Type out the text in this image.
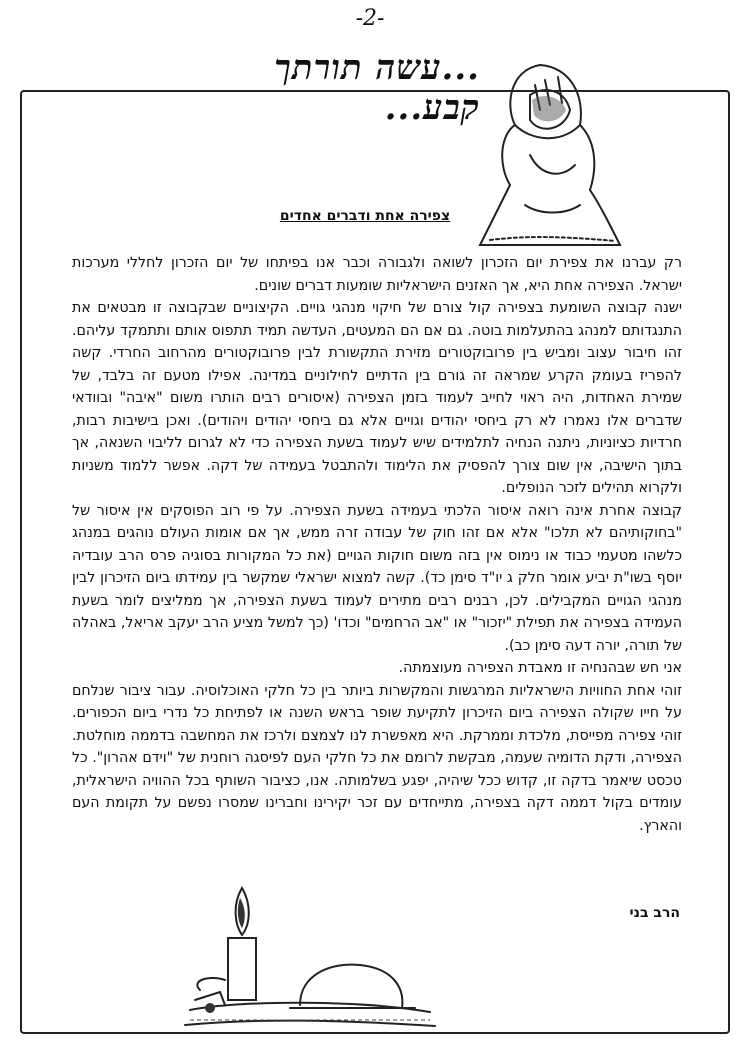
-2-
...עשה תורתך קבע...
צפירה אחת ודברים אחדים

רק עברנו את צפירת יום הזכרון לשואה ולגבורה וכבר אנו בפיתחו של יום הזכרון לחללי מערכות ישראל. הצפירה אחת היא, אך האזנים הישראליות שומעות דברים שונים.

ישנה קבוצה השומעת בצפירה קול צורם של חיקוי מנהגי גויים. הקיצוניים שבקבוצה זו מבטאים את התנגדותם למנהג בהתעלמות בוטה. גם אם הם המעטים, העדשה תמיד תתפוס אותם ותתמקד עליהם. זהו חיבור עצוב ומביש בין פרובוקטורים מזירת התקשורת לבין פרובוקטורים מהרחוב החרדי. קשה להפריז בעומק הקרע שמראה זה גורם בין הדתיים לחילוניים במדינה. אפילו מטעם זה בלבד, של שמירת האחדות, היה ראוי לחייב לעמוד בזמן הצפירה (איסורים רבים הותרו משום "איבה" ובוודאי שדברים אלו נאמרו לא רק ביחסי יהודים וגויים אלא גם ביחסי יהודים ויהודים). ואכן בישיבות רבות, חרדיות כציוניות, ניתנה הנחיה לתלמידים שיש לעמוד בשעת הצפירה כדי לא לגרום לליבוי השנאה, אך בתוך הישיבה, אין שום צורך להפסיק את הלימוד ולהתבטל בעמידה של דקה. אפשר ללמוד משניות ולקרוא תהילים לזכר הנופלים.

קבוצה אחרת אינה רואה איסור הלכתי בעמידה בשעת הצפירה. על פי רוב הפוסקים אין איסור של "בחוקותיהם לא תלכו" אלא אם זהו חוק של עבודה זרה ממש, אך אם אומות העולם נוהגים במנהג כלשהו מטעמי כבוד או נימוס אין בזה משום חוקות הגויים (את כל המקורות בסוגיה פרס הרב עובדיה יוסף בשו"ת יביע אומר חלק ג יו"ד סימן כד). קשה למצוא ישראלי שמקשר בין עמידתו ביום הזיכרון לבין מנהגי הגויים המקבילים. לכן, רבנים רבים מתירים לעמוד בשעת הצפירה, אך ממליצים לומר בשעת העמידה בצפירה את תפילת "יזכור" או "אב הרחמים" וכדו' (כך למשל מציע הרב יעקב אריאל, באהלה של תורה, יורה דעה סימן כב).

אני חש שבהנחיה זו מאבדת הצפירה מעוצמתה.

זוהי אחת החוויות הישראליות המרגשות והמקשרות ביותר בין כל חלקי האוכלוסיה. עבור ציבור שנלחם על חייו שקולה הצפירה ביום הזיכרון לתקיעת שופר בראש השנה או לפתיחת כל נדרי ביום הכפורים. זוהי צפירה מפייסת, מלכדת וממרקת. היא מאפשרת לנו לצמצם ולרכז את המחשבה בדממה מוחלטת. הצפירה, ודקת הדומיה שעמה, מבקשת לרומם את כל חלקי העם לפיסגה רוחנית של "וידם אהרון". כל טכסט שיאמר בדקה זו, קדוש ככל שיהיה, יפגע בשלמותה. אנו, כציבור השותף בכל ההוויה הישראלית, עומדים בקול דממה דקה בצפירה, מתייחדים עם זכר יקירינו וחברינו שמסרו נפשם על תקומת העם והארץ.

הרב בני
